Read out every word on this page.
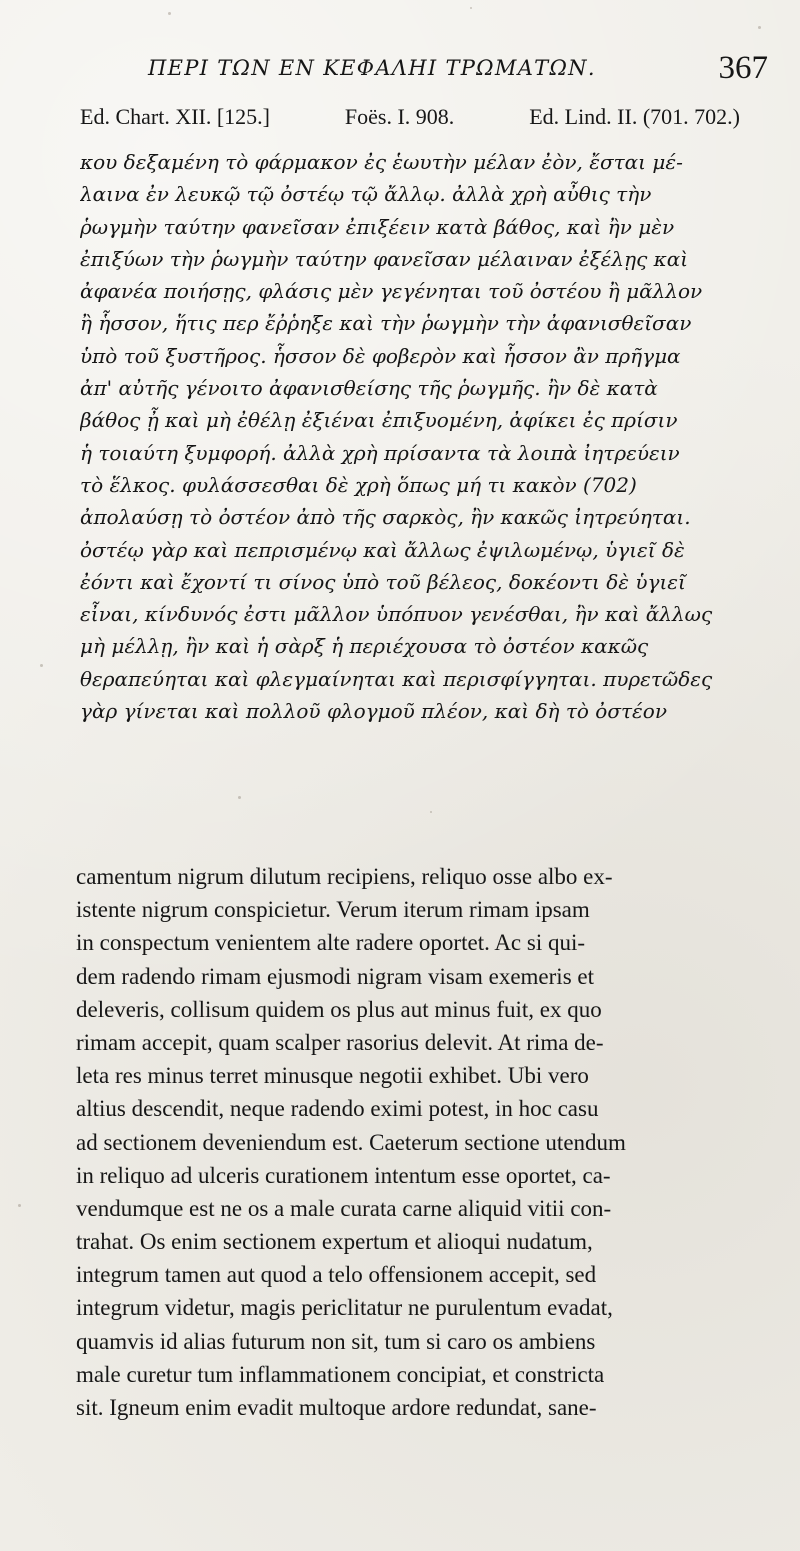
ΠΕΡΙ ΤΩΝ ΕΝ ΚΕΦΑΛΗΙ ΤΡΩΜΑΤΩΝ.	367
Ed. Chart. XII. [125.]	Foës. I. 908.	Ed. Lind. II. (701. 702.)
κου δεξαμένη τὸ φάρμακον ἐς ἑωυτὴν μέλαν ἐὸν, ἔσται μέ-
λαινα ἐν λευκῷ τῷ ὀστέῳ τῷ ἄλλῳ. ἀλλὰ χρὴ αὖθις τὴν
ῥωγμὴν ταύτην φανεῖσαν ἐπιξέειν κατὰ βάθος, καὶ ἢν μὲν
ἐπιξύων τὴν ῥωγμὴν ταύτην φανεῖσαν μέλαιναν ἐξέλῃς καὶ
ἀφανέα ποιήσῃς, φλάσις μὲν γεγένηται τοῦ ὀστέου ἢ μᾶλλον
ἢ ἧσσον, ἥτις περ ἔῤῥηξε καὶ τὴν ῥωγμὴν τὴν ἀφανισθεῖσαν
ὑπὸ τοῦ ξυστῆρος. ἧσσον δὲ φοβερὸν καὶ ἧσσον ἂν πρῆγμα
ἀπ' αὐτῆς γένοιτο ἀφανισθείσης τῆς ῥωγμῆς. ἢν δὲ κατὰ
βάθος ᾖ καὶ μὴ ἐθέλῃ ἐξιέναι ἐπιξυομένη, ἀφίκει ἐς πρίσιν
ἡ τοιαύτη ξυμφορή. ἀλλὰ χρὴ πρίσαντα τὰ λοιπὰ ἰητρεύειν
τὸ ἕλκος. φυλάσσεσθαι δὲ χρὴ ὅπως μή τι κακὸν (702)
ἀπολαύσῃ τὸ ὀστέον ἀπὸ τῆς σαρκὸς, ἢν κακῶς ἰητρεύηται.
ὀστέῳ γὰρ καὶ πεπρισμένῳ καὶ ἄλλως ἐψιλωμένῳ, ὑγιεῖ δὲ
ἐόντι καὶ ἔχοντί τι σίνος ὑπὸ τοῦ βέλεος, δοκέοντι δὲ ὑγιεῖ
εἶναι, κίνδυνός ἐστι μᾶλλον ὑπόπυον γενέσθαι, ἢν καὶ ἄλλως
μὴ μέλλῃ, ἢν καὶ ἡ σὰρξ ἡ περιέχουσα τὸ ὀστέον κακῶς
θεραπεύηται καὶ φλεγμαίνηται καὶ περισφίγγηται. πυρετῶδες
γὰρ γίνεται καὶ πολλοῦ φλογμοῦ πλέον, καὶ δὴ τὸ ὀστέον
camentum nigrum dilutum recipiens, reliquo osse albo ex-
istente nigrum conspicietur. Verum iterum rimam ipsam
in conspectum venientem alte radere oportet. Ac si qui-
dem radendo rimam ejusmodi nigram visam exemeris et
deleveris, collisum quidem os plus aut minus fuit, ex quo
rimam accepit, quam scalper rasorius delevit. At rima de-
leta res minus terret minusque negotii exhibet. Ubi vero
altius descendit, neque radendo eximi potest, in hoc casu
ad sectionem deveniendum est. Caeterum sectione utendum
in reliquo ad ulceris curationem intentum esse oportet, ca-
vendumque est ne os a male curata carne aliquid vitii con-
trahat. Os enim sectionem expertum et alioqui nudatum,
integrum tamen aut quod a telo offensionem accepit, sed
integrum videtur, magis periclitatur ne purulentum evadat,
quamvis id alias futurum non sit, tum si caro os ambiens
male curetur tum inflammationem concipiat, et constricta
sit. Igneum enim evadit multoque ardore redundat, sane-
